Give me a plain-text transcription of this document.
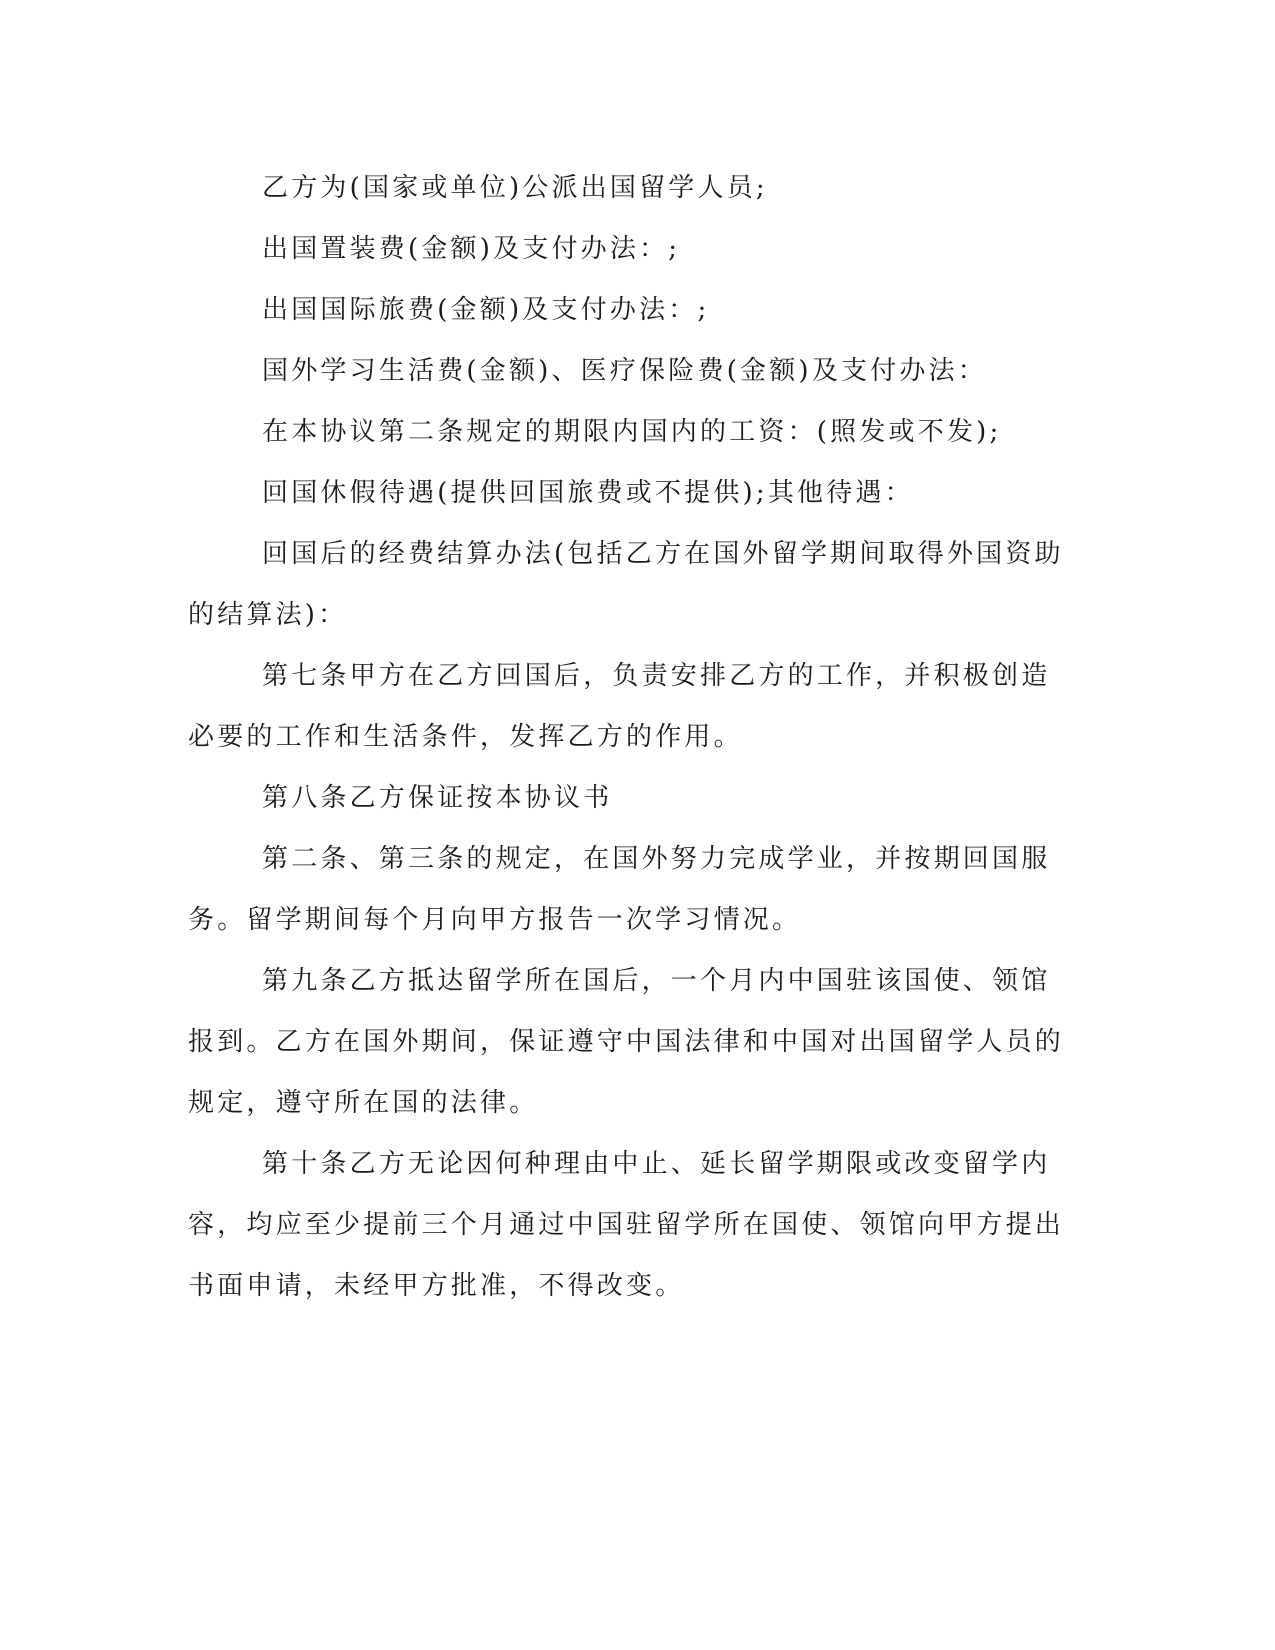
乙方为(国家或单位)公派出国留学人员;

出国置装费(金额)及支付办法：;

出国国际旅费(金额)及支付办法：;

国外学习生活费(金额)、医疗保险费(金额)及支付办法：

在本协议第二条规定的期限内国内的工资：(照发或不发);

回国休假待遇(提供回国旅费或不提供);其他待遇：

回国后的经费结算办法(包括乙方在国外留学期间取得外国资助的结算法)：

第七条甲方在乙方回国后，负责安排乙方的工作，并积极创造必要的工作和生活条件，发挥乙方的作用。

第八条乙方保证按本协议书

第二条、第三条的规定，在国外努力完成学业，并按期回国服务。留学期间每个月向甲方报告一次学习情况。

第九条乙方抵达留学所在国后，一个月内中国驻该国使、领馆报到。乙方在国外期间，保证遵守中国法律和中国对出国留学人员的规定，遵守所在国的法律。

第十条乙方无论因何种理由中止、延长留学期限或改变留学内容，均应至少提前三个月通过中国驻留学所在国使、领馆向甲方提出书面申请，未经甲方批准，不得改变。
